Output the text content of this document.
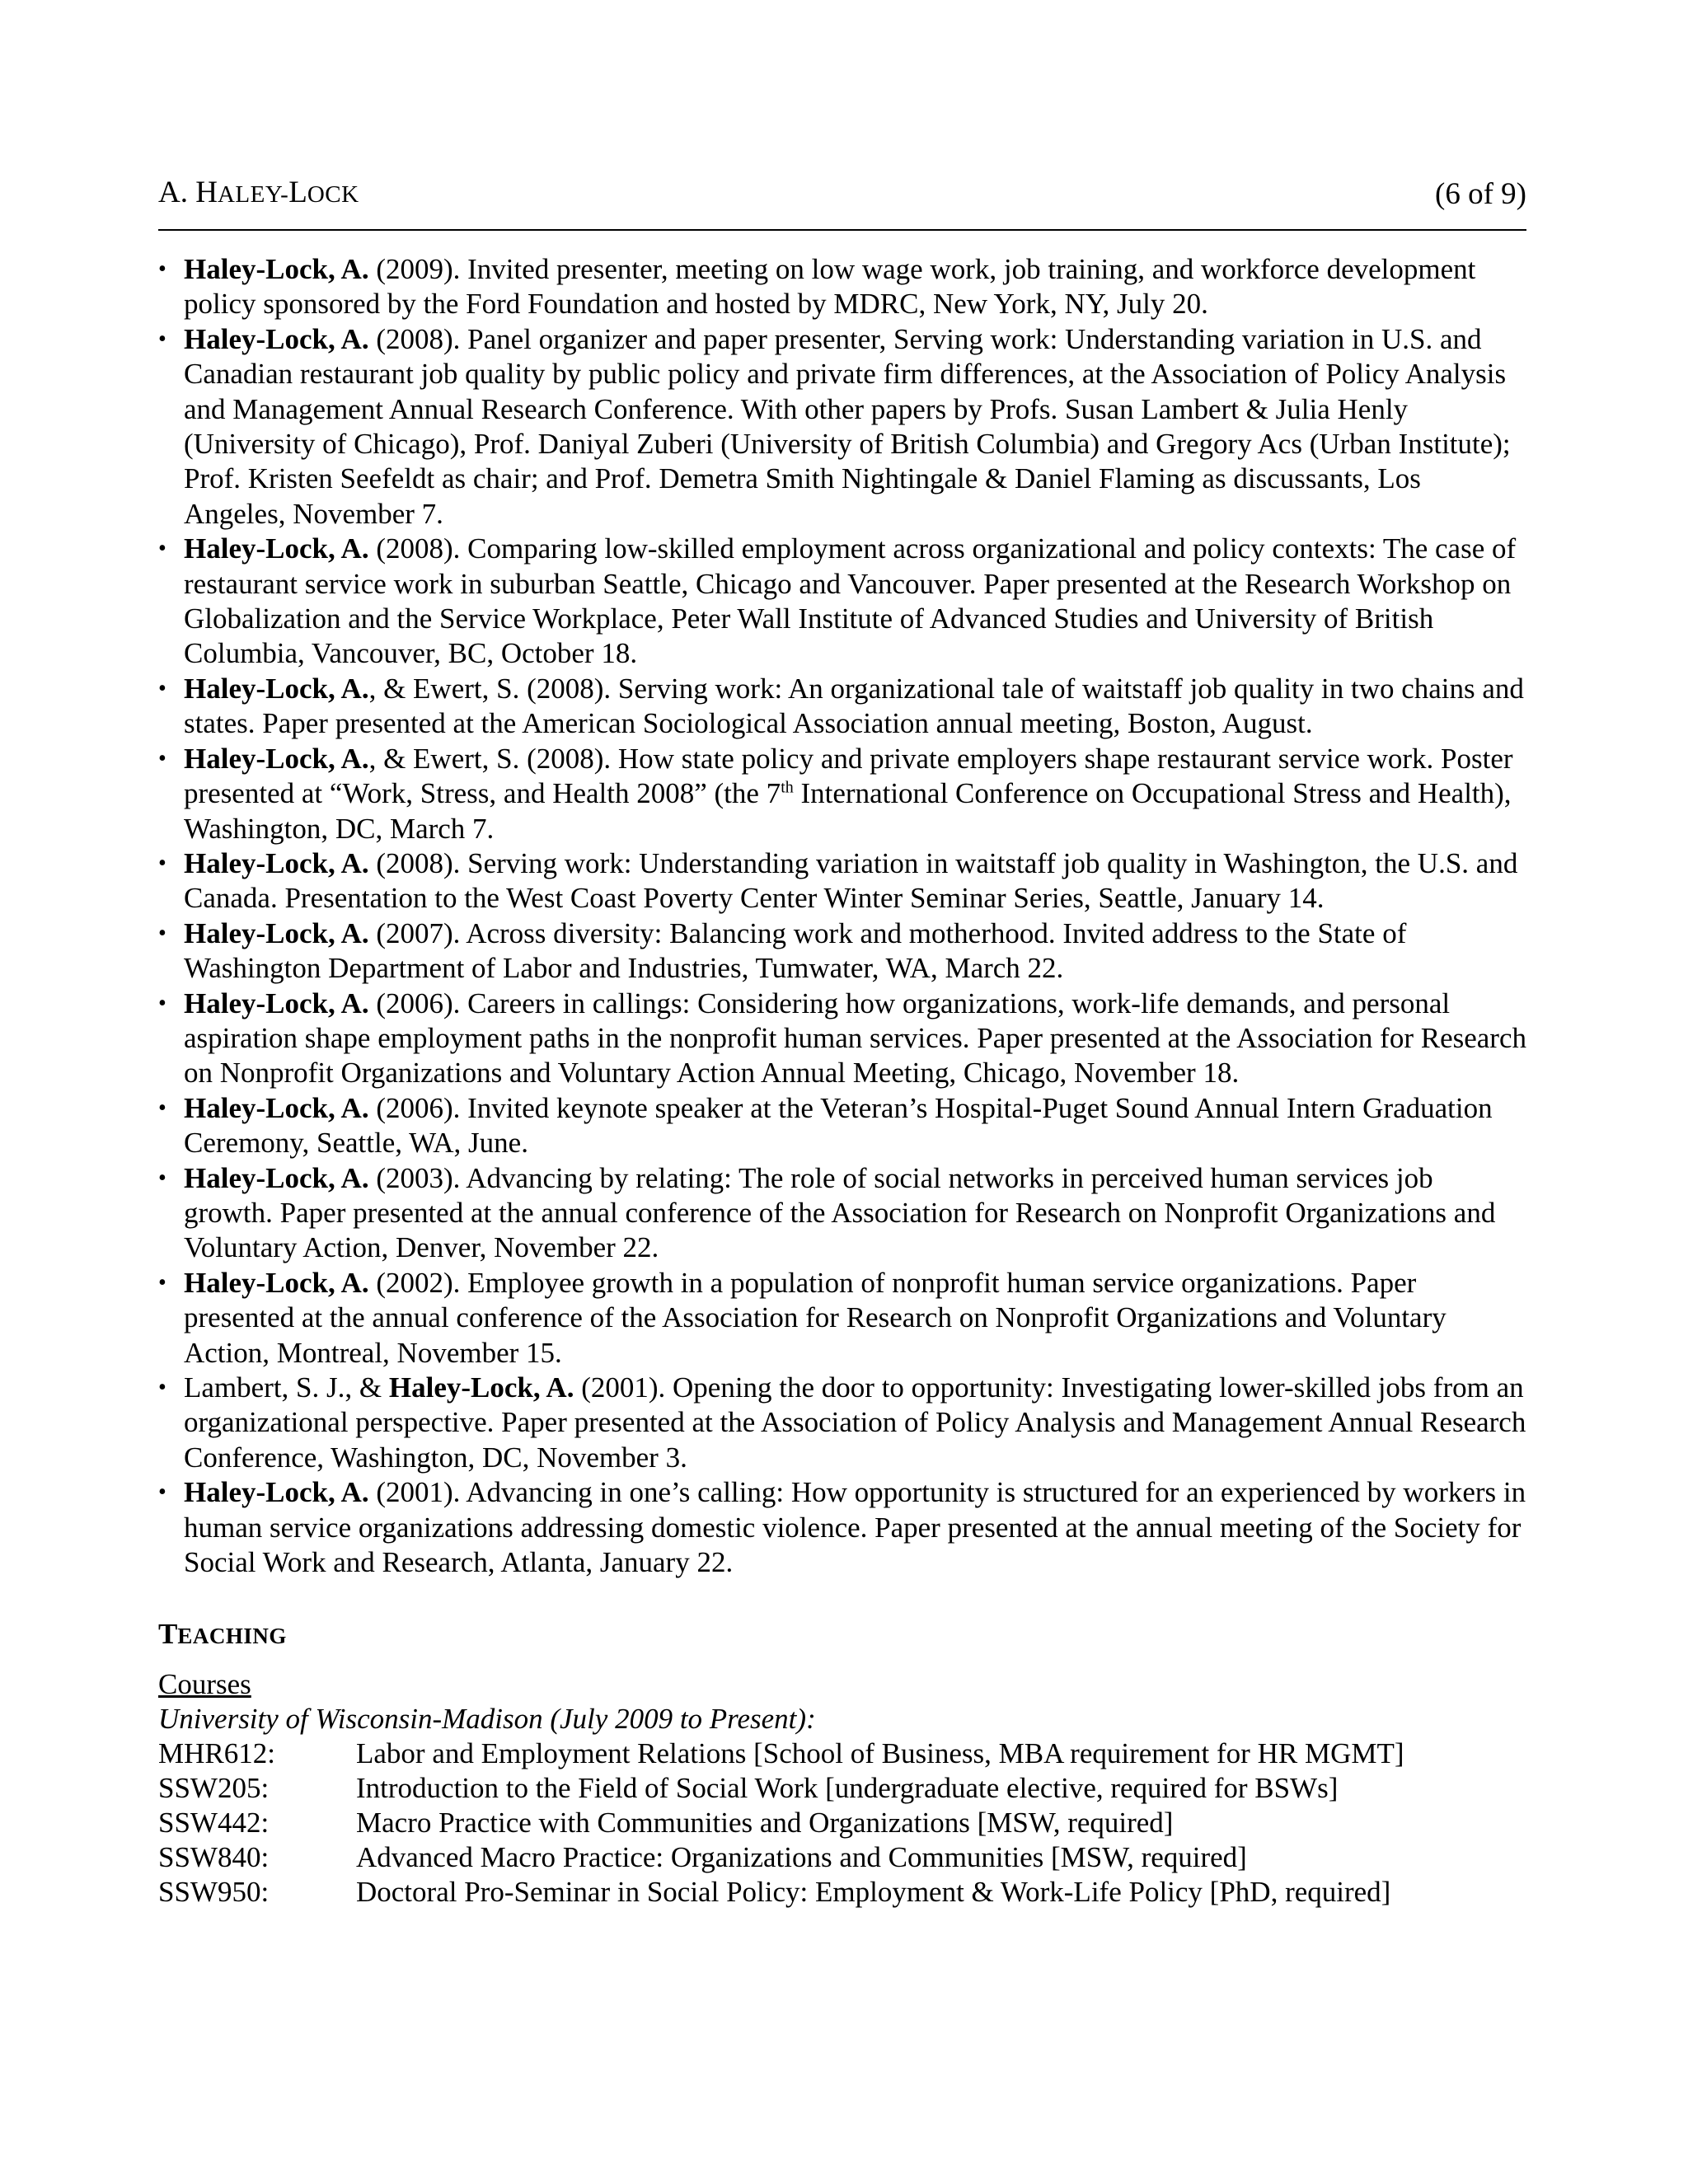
A. HALEY-LOCK	(6 of 9)
• Haley-Lock, A. (2009). Invited presenter, meeting on low wage work, job training, and workforce development policy sponsored by the Ford Foundation and hosted by MDRC, New York, NY, July 20.
• Haley-Lock, A. (2008). Panel organizer and paper presenter, Serving work: Understanding variation in U.S. and Canadian restaurant job quality by public policy and private firm differences, at the Association of Policy Analysis and Management Annual Research Conference. With other papers by Profs. Susan Lambert & Julia Henly (University of Chicago), Prof. Daniyal Zuberi (University of British Columbia) and Gregory Acs (Urban Institute); Prof. Kristen Seefeldt as chair; and Prof. Demetra Smith Nightingale & Daniel Flaming as discussants, Los Angeles, November 7.
• Haley-Lock, A. (2008). Comparing low-skilled employment across organizational and policy contexts: The case of restaurant service work in suburban Seattle, Chicago and Vancouver. Paper presented at the Research Workshop on Globalization and the Service Workplace, Peter Wall Institute of Advanced Studies and University of British Columbia, Vancouver, BC, October 18.
• Haley-Lock, A., & Ewert, S. (2008). Serving work: An organizational tale of waitstaff job quality in two chains and states. Paper presented at the American Sociological Association annual meeting, Boston, August.
• Haley-Lock, A., & Ewert, S. (2008). How state policy and private employers shape restaurant service work. Poster presented at “Work, Stress, and Health 2008” (the 7th International Conference on Occupational Stress and Health), Washington, DC, March 7.
• Haley-Lock, A. (2008). Serving work: Understanding variation in waitstaff job quality in Washington, the U.S. and Canada. Presentation to the West Coast Poverty Center Winter Seminar Series, Seattle, January 14.
• Haley-Lock, A. (2007). Across diversity: Balancing work and motherhood. Invited address to the State of Washington Department of Labor and Industries, Tumwater, WA, March 22.
• Haley-Lock, A. (2006). Careers in callings: Considering how organizations, work-life demands, and personal aspiration shape employment paths in the nonprofit human services. Paper presented at the Association for Research on Nonprofit Organizations and Voluntary Action Annual Meeting, Chicago, November 18.
• Haley-Lock, A. (2006). Invited keynote speaker at the Veteran’s Hospital-Puget Sound Annual Intern Graduation Ceremony, Seattle, WA, June.
• Haley-Lock, A. (2003). Advancing by relating: The role of social networks in perceived human services job growth. Paper presented at the annual conference of the Association for Research on Nonprofit Organizations and Voluntary Action, Denver, November 22.
• Haley-Lock, A. (2002). Employee growth in a population of nonprofit human service organizations. Paper presented at the annual conference of the Association for Research on Nonprofit Organizations and Voluntary Action, Montreal, November 15.
• Lambert, S. J., & Haley-Lock, A. (2001). Opening the door to opportunity: Investigating lower-skilled jobs from an organizational perspective. Paper presented at the Association of Policy Analysis and Management Annual Research Conference, Washington, DC, November 3.
• Haley-Lock, A. (2001). Advancing in one’s calling: How opportunity is structured for an experienced by workers in human service organizations addressing domestic violence. Paper presented at the annual meeting of the Society for Social Work and Research, Atlanta, January 22.
TEACHING
Courses
University of Wisconsin-Madison (July 2009 to Present):
MHR612:	Labor and Employment Relations [School of Business, MBA requirement for HR MGMT]
SSW205:	Introduction to the Field of Social Work [undergraduate elective, required for BSWs]
SSW442:	Macro Practice with Communities and Organizations [MSW, required]
SSW840:	Advanced Macro Practice: Organizations and Communities [MSW, required]
SSW950:	Doctoral Pro-Seminar in Social Policy: Employment & Work-Life Policy [PhD, required]
